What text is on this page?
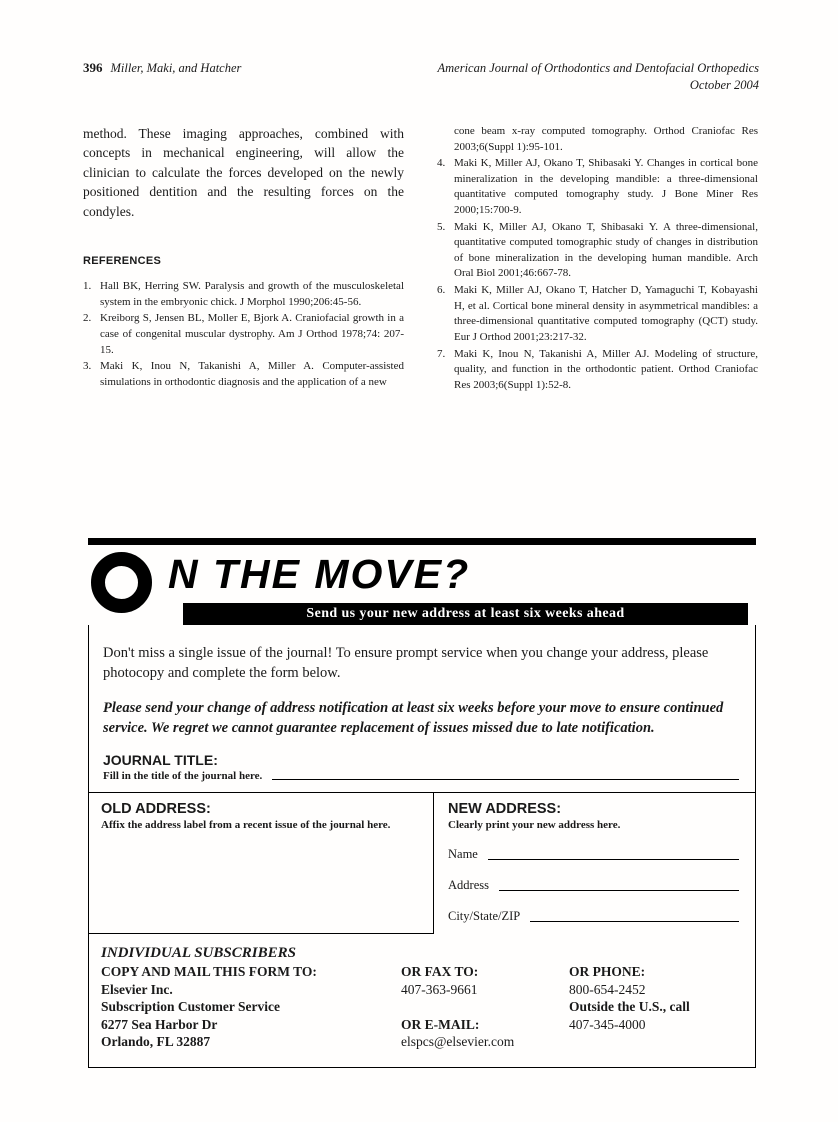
396 Miller, Maki, and Hatcher	American Journal of Orthodontics and Dentofacial Orthopedics
October 2004

method. These imaging approaches, combined with concepts in mechanical engineering, will allow the clinician to calculate the forces developed on the newly positioned dentition and the resulting forces on the condyles.

REFERENCES
1. Hall BK, Herring SW. Paralysis and growth of the musculoskeletal system in the embryonic chick. J Morphol 1990;206:45-56.
2. Kreiborg S, Jensen BL, Moller E, Bjork A. Craniofacial growth in a case of congenital muscular dystrophy. Am J Orthod 1978;74: 207-15.
3. Maki K, Inou N, Takanishi A, Miller A. Computer-assisted simulations in orthodontic diagnosis and the application of a new

cone beam x-ray computed tomography. Orthod Craniofac Res 2003;6(Suppl 1):95-101.

4. Maki K, Miller AJ, Okano T, Shibasaki Y. Changes in cortical bone mineralization in the developing mandible: a three-dimensional quantitative computed tomography study. J Bone Miner Res 2000;15:700-9.
5. Maki K, Miller AJ, Okano T, Shibasaki Y. A three-dimensional, quantitative computed tomographic study of changes in distribution of bone mineralization in the developing human mandible. Arch Oral Biol 2001;46:667-78.
6. Maki K, Miller AJ, Okano T, Hatcher D, Yamaguchi T, Kobayashi H, et al. Cortical bone mineral density in asymmetrical mandibles: a three-dimensional quantitative computed tomography (QCT) study. Eur J Orthod 2001;23:217-32.
7. Maki K, Inou N, Takanishi A, Miller AJ. Modeling of structure, quality, and function in the orthodontic patient. Orthod Craniofac Res 2003;6(Suppl 1):52-8.
N THE MOVE?
Send us your new address at least six weeks ahead

Don't miss a single issue of the journal! To ensure prompt service when you change your address, please photocopy and complete the form below.

Please send your change of address notification at least six weeks before your move to ensure continued service. We regret we cannot guarantee replacement of issues missed due to late notification.

JOURNAL TITLE:
Fill in the title of the journal here.
OLD ADDRESS:
Affix the address label from a recent issue of the journal here.
NEW ADDRESS:
Clearly print your new address here.
Name
Address
City/State/ZIP
INDIVIDUAL SUBSCRIBERS
COPY AND MAIL THIS FORM TO:
Elsevier Inc.
Subscription Customer Service
6277 Sea Harbor Dr
Orlando, FL 32887
OR FAX TO:
407-363-9661
OR E-MAIL:
elspcs@elsevier.com
OR PHONE:
800-654-2452
Outside the U.S., call
407-345-4000
